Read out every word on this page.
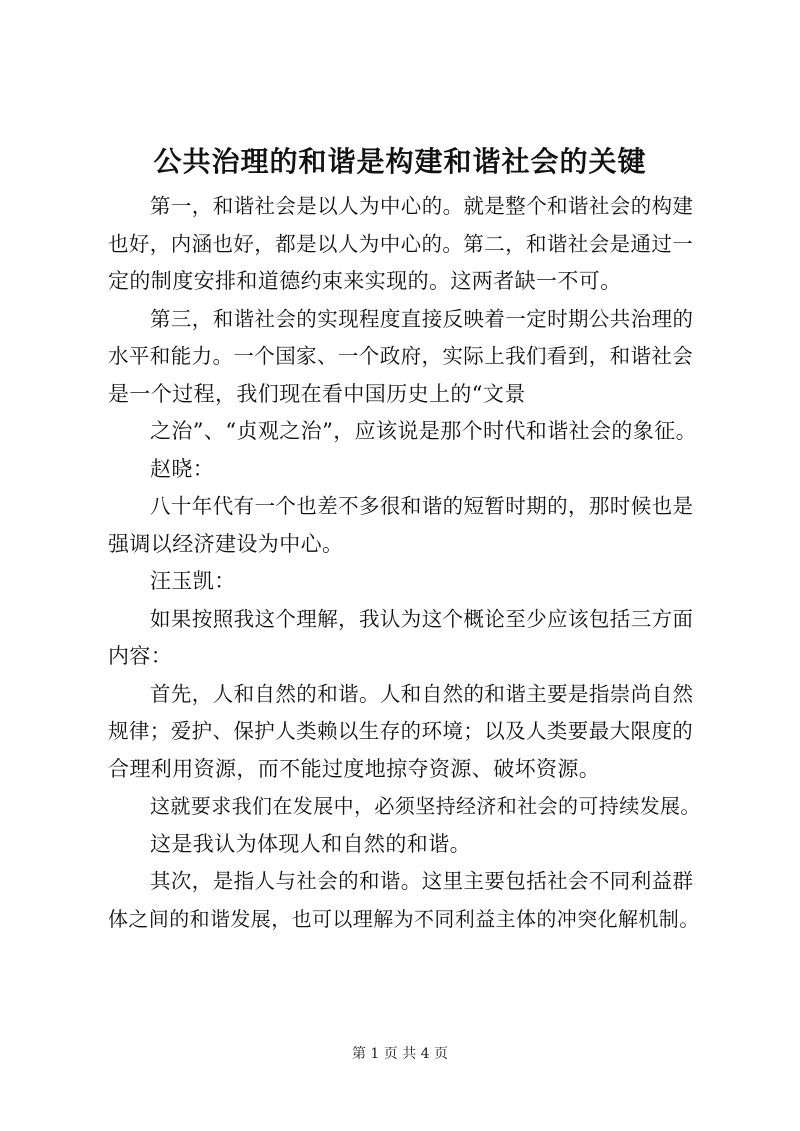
公共治理的和谐是构建和谐社会的关键
第一，和谐社会是以人为中心的。就是整个和谐社会的构建
也好，内涵也好，都是以人为中心的。第二，和谐社会是通过一
定的制度安排和道德约束来实现的。这两者缺一不可。
第三，和谐社会的实现程度直接反映着一定时期公共治理的
水平和能力。一个国家、一个政府，实际上我们看到，和谐社会
是一个过程，我们现在看中国历史上的“文景
之治”、“贞观之治”，应该说是那个时代和谐社会的象征。
赵晓：
八十年代有一个也差不多很和谐的短暂时期的，那时候也是
强调以经济建设为中心。
汪玉凯：
如果按照我这个理解，我认为这个概论至少应该包括三方面
内容：
首先，人和自然的和谐。人和自然的和谐主要是指崇尚自然
规律；爱护、保护人类赖以生存的环境；以及人类要最大限度的
合理利用资源，而不能过度地掠夺资源、破坏资源。
这就要求我们在发展中，必须坚持经济和社会的可持续发展。
这是我认为体现人和自然的和谐。
其次，是指人与社会的和谐。这里主要包括社会不同利益群
体之间的和谐发展，也可以理解为不同利益主体的冲突化解机制。
第 1 页 共 4 页
